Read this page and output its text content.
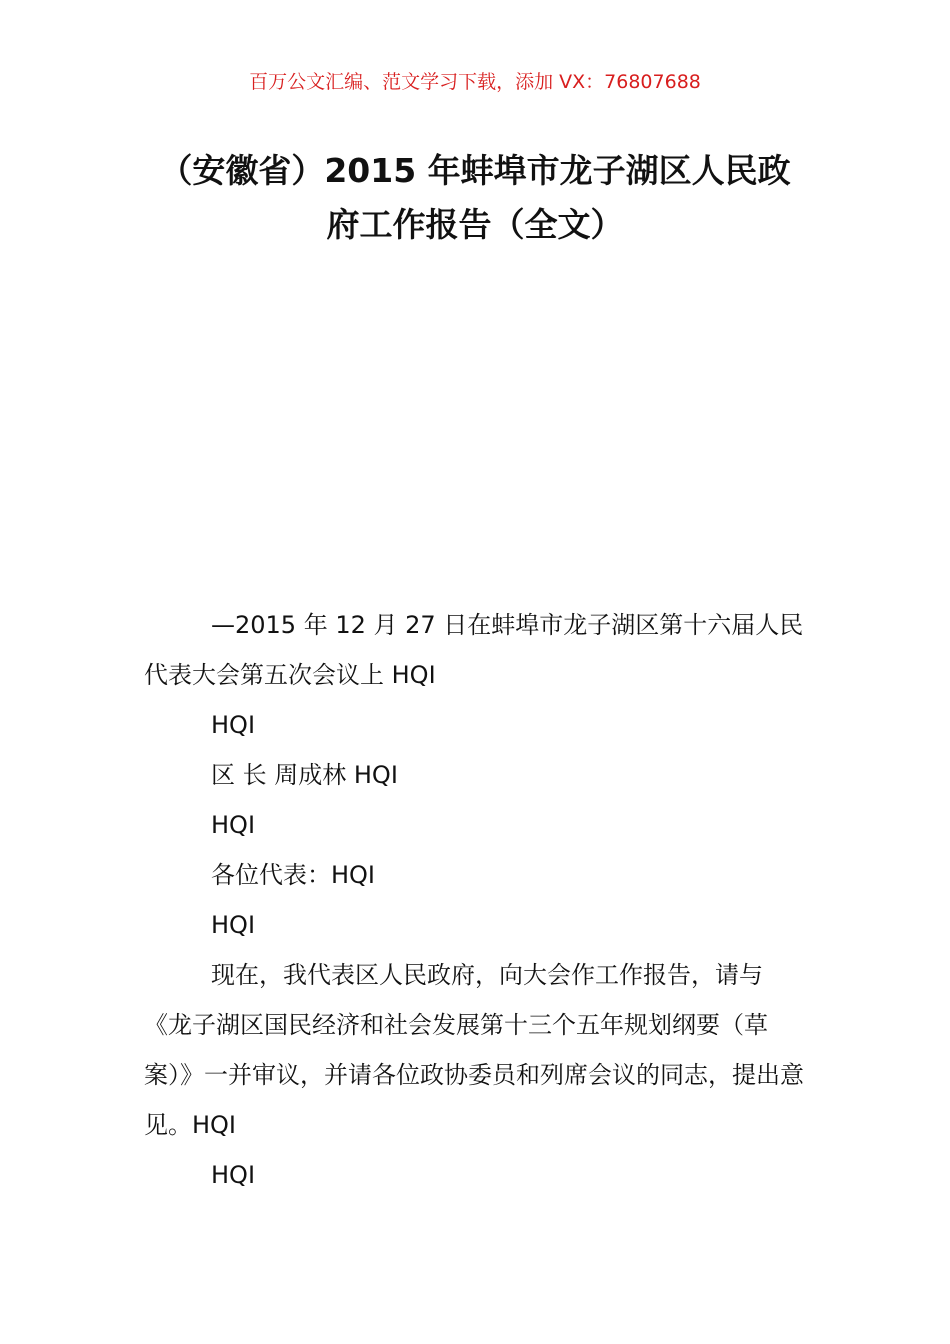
百万公文汇编、范文学习下载，添加 VX：76807688
（安徽省）2015 年蚌埠市龙子湖区人民政
府工作报告（全文）

—2015 年 12 月 27 日在蚌埠市龙子湖区第十六届人民代表大会第五次会议上 HQI

HQI

区 长 周成林 HQI

HQI

各位代表：HQI

HQI

现在，我代表区人民政府，向大会作工作报告，请与《龙子湖区国民经济和社会发展第十三个五年规划纲要（草案）》一并审议，并请各位政协委员和列席会议的同志，提出意见。HQI

HQI
